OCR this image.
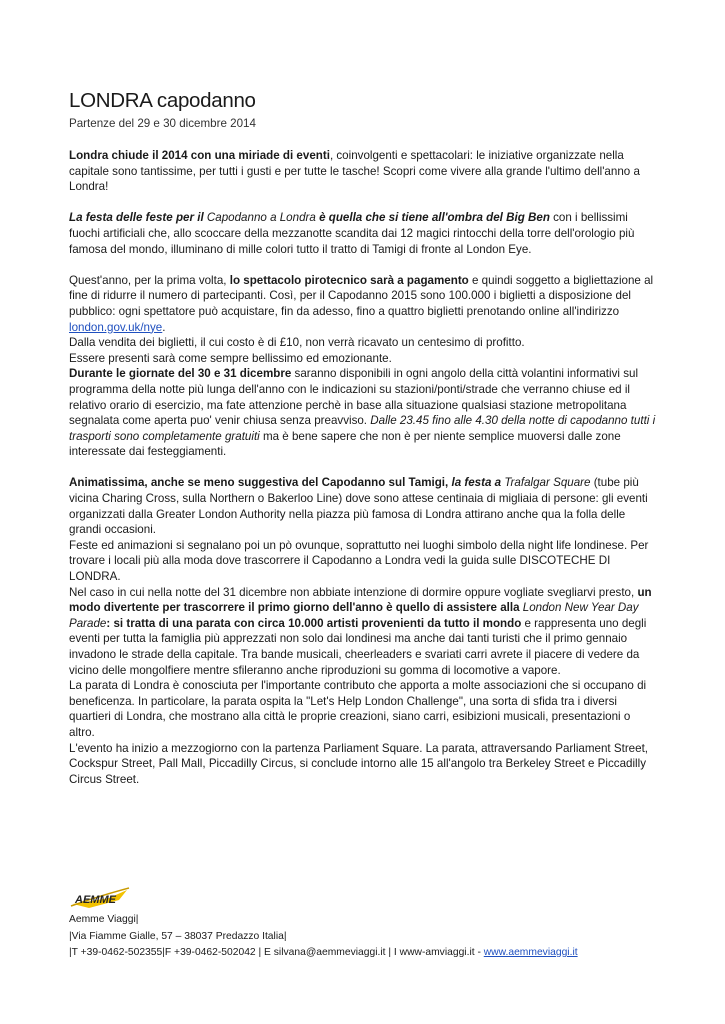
LONDRA capodanno

Partenze del 29 e 30 dicembre 2014

Londra chiude il 2014 con una miriade di eventi, coinvolgenti e spettacolari: le iniziative organizzate nella capitale sono tantissime, per tutti i gusti e per tutte le tasche! Scopri come vivere alla grande l'ultimo dell'anno a Londra!

La festa delle feste per il Capodanno a Londra è quella che si tiene all'ombra del Big Ben con i bellissimi fuochi artificiali che, allo scoccare della mezzanotte scandita dai 12 magici rintocchi della torre dell'orologio più famosa del mondo, illuminano di mille colori tutto il tratto di Tamigi di fronte al London Eye.

Quest'anno, per la prima volta, lo spettacolo pirotecnico sarà a pagamento e quindi soggetto a bigliettazione al fine di ridurre il numero di partecipanti. Così, per il Capodanno 2015 sono 100.000 i biglietti a disposizione del pubblico: ogni spettatore può acquistare, fin da adesso, fino a quattro biglietti prenotando online all'indirizzo london.gov.uk/nye.

Dalla vendita dei biglietti, il cui costo è di £10, non verrà ricavato un centesimo di profitto.

Essere presenti sarà come sempre bellissimo ed emozionante.

Durante le giornate del 30 e 31 dicembre saranno disponibili in ogni angolo della città volantini informativi sul programma della notte più lunga dell'anno con le indicazioni su stazioni/ponti/strade che verranno chiuse ed il relativo orario di esercizio, ma fate attenzione perchè in base alla situazione qualsiasi stazione metropolitana segnalata come aperta puo' venir chiusa senza preavviso. Dalle 23.45 fino alle 4.30 della notte di capodanno tutti i trasporti sono completamente gratuiti ma è bene sapere che non è per niente semplice muoversi dalle zone interessate dai festeggiamenti.

Animatissima, anche se meno suggestiva del Capodanno sul Tamigi, la festa a Trafalgar Square (tube più vicina Charing Cross, sulla Northern o Bakerloo Line) dove sono attese centinaia di migliaia di persone: gli eventi organizzati dalla Greater London Authority nella piazza più famosa di Londra attirano anche qua la folla delle grandi occasioni.

Feste ed animazioni si segnalano poi un pò ovunque, soprattutto nei luoghi simbolo della night life londinese. Per trovare i locali più alla moda dove trascorrere il Capodanno a Londra vedi la guida sulle DISCOTECHE DI LONDRA.

Nel caso in cui nella notte del 31 dicembre non abbiate intenzione di dormire oppure vogliate svegliarvi presto, un modo divertente per trascorrere il primo giorno dell'anno è quello di assistere alla London New Year Day Parade: si tratta di una parata con circa 10.000 artisti provenienti da tutto il mondo e rappresenta uno degli eventi per tutta la famiglia più apprezzati non solo dai londinesi ma anche dai tanti turisti che il primo gennaio invadono le strade della capitale. Tra bande musicali, cheerleaders e svariati carri avrete il piacere di vedere da vicino delle mongolfiere mentre sfileranno anche riproduzioni su gomma di locomotive a vapore.

La parata di Londra è conosciuta per l'importante contributo che apporta a molte associazioni che si occupano di beneficenza. In particolare, la parata ospita la "Let's Help London Challenge", una sorta di sfida tra i diversi quartieri di Londra, che mostrano alla città le proprie creazioni, siano carri, esibizioni musicali, presentazioni o altro.

L'evento ha inizio a mezzogiorno con la partenza Parliament Square. La parata, attraversando Parliament Street, Cockspur Street, Pall Mall, Piccadilly Circus, si conclude intorno alle 15 all'angolo tra Berkeley Street e Piccadilly Circus Street.

AEMME

Aemme Viaggi|

|Via Fiamme Gialle, 57 – 38037 Predazzo Italia|

|T +39-0462-502355|F +39-0462-502042 | E silvana@aemmeviaggi.it | I www-amviaggi.it - www.aemmeviaggi.it
